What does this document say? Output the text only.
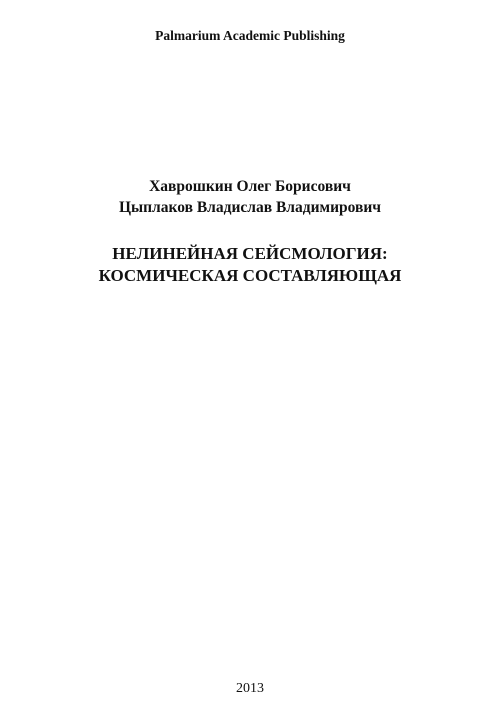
Palmarium Academic Publishing
Хаврошкин Олег Борисович
Цыплаков Владислав Владимирович
НЕЛИНЕЙНАЯ СЕЙСМОЛОГИЯ:
КОСМИЧЕСКАЯ СОСТАВЛЯЮЩАЯ
2013
